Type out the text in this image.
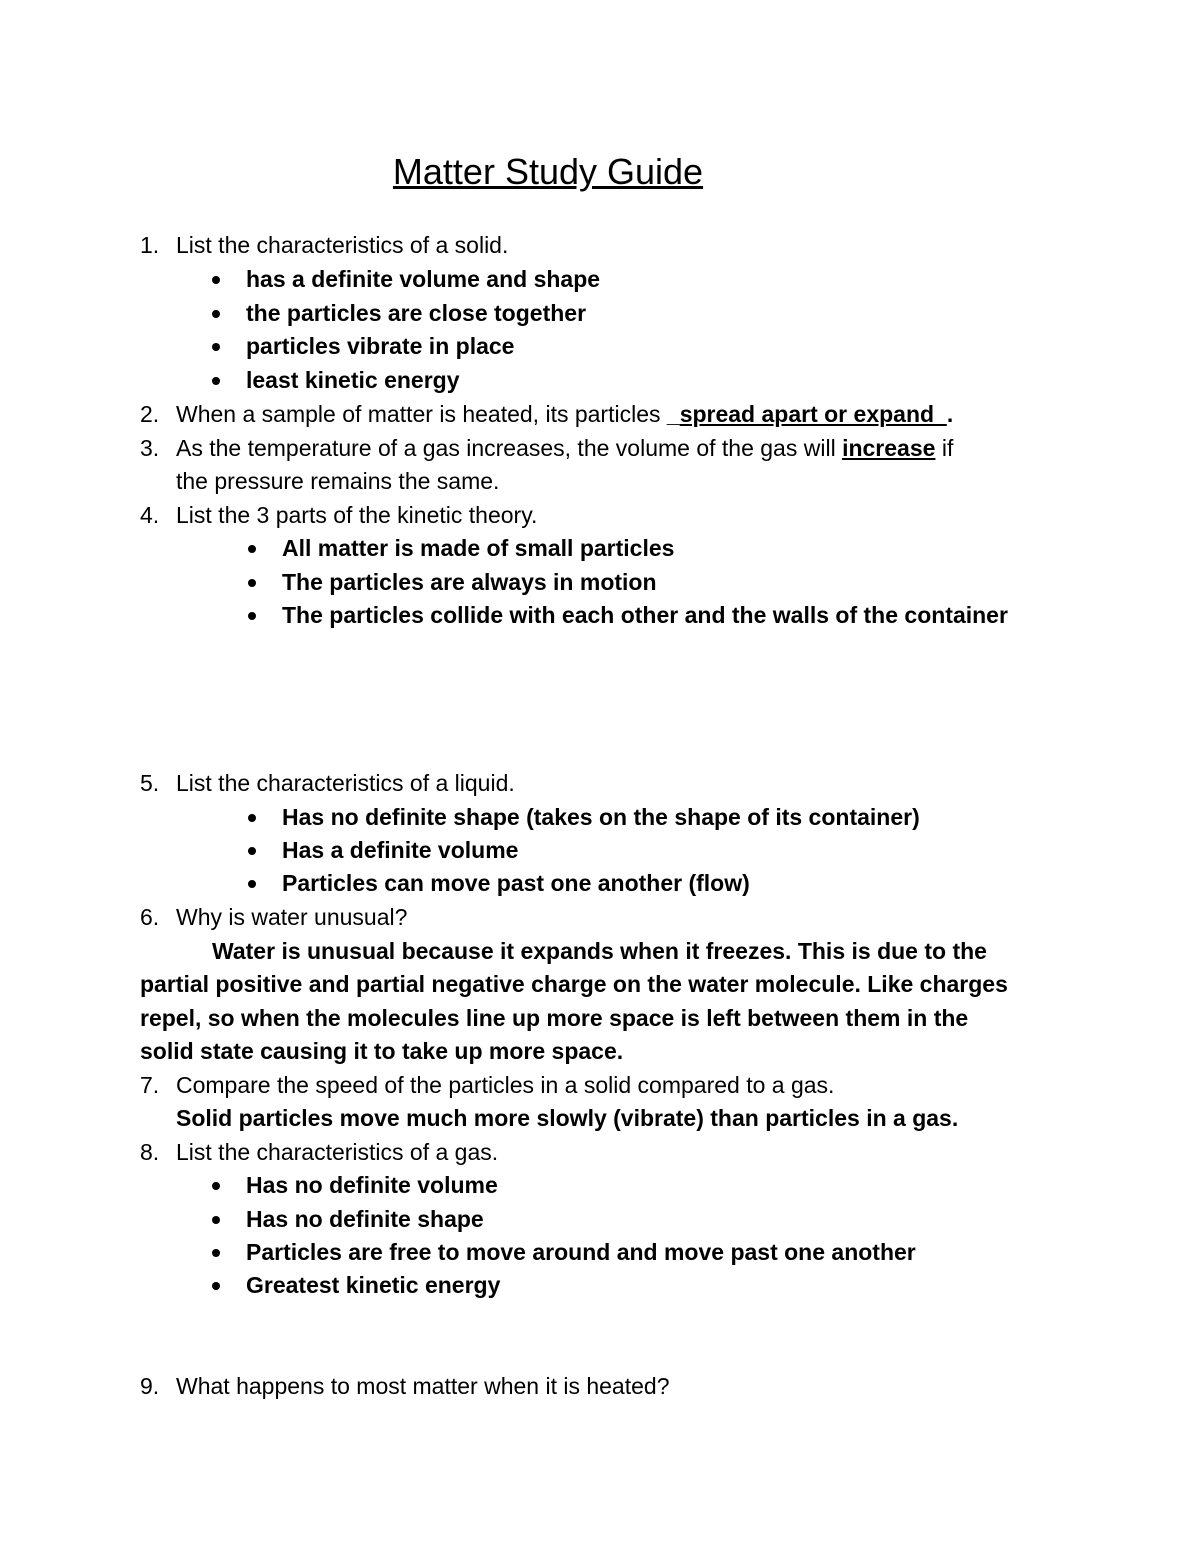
Matter Study Guide
1. List the characteristics of a solid.
has a definite volume and shape
the particles are close together
particles vibrate in place
least kinetic energy
2. When a sample of matter is heated, its particles _spread apart or expand  .
3. As the temperature of a gas increases, the volume of the gas will increase if
the pressure remains the same.
4. List the 3 parts of the kinetic theory.
All matter is made of small particles
The particles are always in motion
The particles collide with each other and the walls of the container
5. List the characteristics of a liquid.
Has no definite shape (takes on the shape of its container)
Has a definite volume
Particles can move past one another (flow)
6. Why is water unusual?
Water is unusual because it expands when it freezes. This is due to the
partial positive and partial negative charge on the water molecule. Like charges
repel, so when the molecules line up more space is left between them in the
solid state causing it to take up more space.
7. Compare the speed of the particles in a solid compared to a gas.
Solid particles move much more slowly (vibrate) than particles in a gas.
8. List the characteristics of a gas.
Has no definite volume
Has no definite shape
Particles are free to move around and move past one another
Greatest kinetic energy
9. What happens to most matter when it is heated?
